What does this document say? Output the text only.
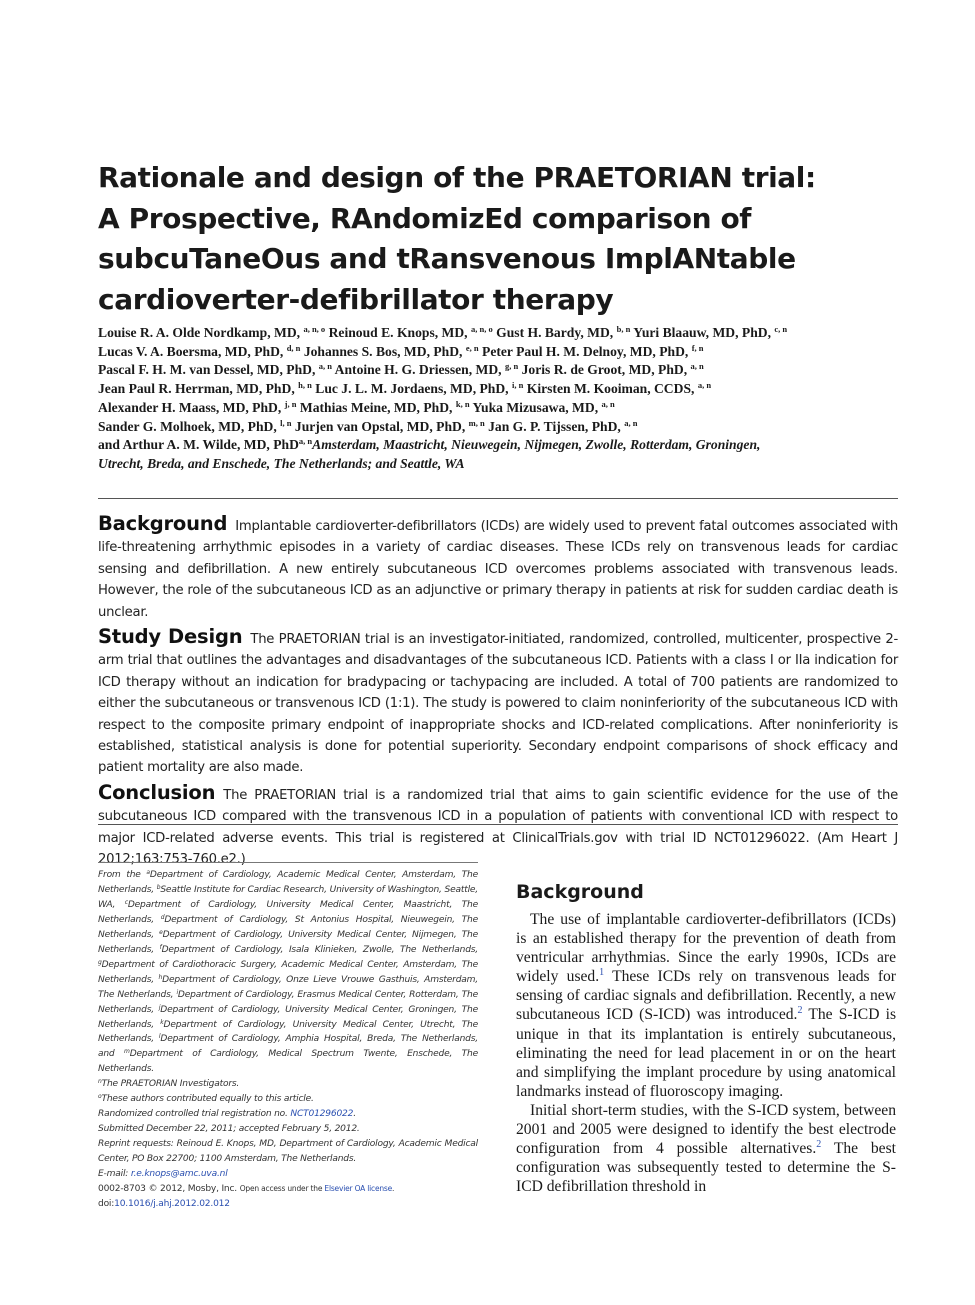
Rationale and design of the PRAETORIAN trial:
A Prospective, RAndomizEd comparison of
subcuTaneOus and tRansvenous ImplANtable
cardioverter-defibrillator therapy
Louise R. A. Olde Nordkamp, MD, $^{a, n, o}$ Reinoud E. Knops, MD, $^{a, n, o}$ Gust H. Bardy, MD, $^{b, n}$ Yuri Blaauw, MD, PhD, $^{c, n}$
Lucas V. A. Boersma, MD, PhD, $^{d, n}$ Johannes S. Bos, MD, PhD, $^{e, n}$ Peter Paul H. M. Delnoy, MD, PhD, $^{f, n}$
Pascal F. H. M. van Dessel, MD, PhD, $^{a, n}$ Antoine H. G. Driessen, MD, $^{g, n}$ Joris R. de Groot, MD, PhD, $^{a, n}$
Jean Paul R. Herrman, MD, PhD, $^{h, n}$ Luc J. L. M. Jordaens, MD, PhD, $^{i, n}$ Kirsten M. Kooiman, CCDS, $^{a, n}$
Alexander H. Maass, MD, PhD, $^{j, n}$ Mathias Meine, MD, PhD, $^{k, n}$ Yuka Mizusawa, MD, $^{a, n}$
Sander G. Molhoek, MD, PhD, $^{l, n}$ Jurjen van Opstal, MD, PhD, $^{m, n}$ Jan G. P. Tijssen, PhD, $^{a, n}$
and Arthur A. M. Wilde, MD, PhD$^{a, n}$Amsterdam, Maastricht, Nieuwegein, Nijmegen, Zwolle, Rotterdam, Groningen,
Utrecht, Breda, and Enschede, The Netherlands; and Seattle, WA

Background Implantable cardioverter-defibrillators (ICDs) are widely used to prevent fatal outcomes associated with life-threatening arrhythmic episodes in a variety of cardiac diseases. These ICDs rely on transvenous leads for cardiac sensing and defibrillation. A new entirely subcutaneous ICD overcomes problems associated with transvenous leads. However, the role of the subcutaneous ICD as an adjunctive or primary therapy in patients at risk for sudden cardiac death is unclear.

Study Design The PRAETORIAN trial is an investigator-initiated, randomized, controlled, multicenter, prospective 2-arm trial that outlines the advantages and disadvantages of the subcutaneous ICD. Patients with a class I or IIa indication for ICD therapy without an indication for bradypacing or tachypacing are included. A total of 700 patients are randomized to either the subcutaneous or transvenous ICD (1:1). The study is powered to claim noninferiority of the subcutaneous ICD with respect to the composite primary endpoint of inappropriate shocks and ICD-related complications. After noninferiority is established, statistical analysis is done for potential superiority. Secondary endpoint comparisons of shock efficacy and patient mortality are also made.

Conclusion The PRAETORIAN trial is a randomized trial that aims to gain scientific evidence for the use of the subcutaneous ICD compared with the transvenous ICD in a population of patients with conventional ICD with respect to major ICD-related adverse events. This trial is registered at ClinicalTrials.gov with trial ID NCT01296022. (Am Heart J 2012;163:753-760.e2.)

From the $^a$Department of Cardiology, Academic Medical Center, Amsterdam, The Netherlands, $^b$Seattle Institute for Cardiac Research, University of Washington, Seattle, WA, $^c$Department of Cardiology, University Medical Center, Maastricht, The Netherlands, $^d$Department of Cardiology, St Antonius Hospital, Nieuwegein, The Netherlands, $^e$Department of Cardiology, University Medical Center, Nijmegen, The Netherlands, $^f$Department of Cardiology, Isala Klinieken, Zwolle, The Netherlands, $^g$Department of Cardiothoracic Surgery, Academic Medical Center, Amsterdam, The Netherlands, $^h$Department of Cardiology, Onze Lieve Vrouwe Gasthuis, Amsterdam, The Netherlands, $^i$Department of Cardiology, Erasmus Medical Center, Rotterdam, The Netherlands, $^j$Department of Cardiology, University Medical Center, Groningen, The Netherlands, $^k$Department of Cardiology, University Medical Center, Utrecht, The Netherlands, $^l$Department of Cardiology, Amphia Hospital, Breda, The Netherlands, and $^m$Department of Cardiology, Medical Spectrum Twente, Enschede, The Netherlands.

$^n$The PRAETORIAN Investigators.

$^o$These authors contributed equally to this article.

Randomized controlled trial registration no. NCT01296022.

Submitted December 22, 2011; accepted February 5, 2012.

Reprint requests: Reinoud E. Knops, MD, Department of Cardiology, Academic Medical Center, PO Box 22700; 1100 Amsterdam, The Netherlands.

E-mail: r.e.knops@amc.uva.nl

0002-8703 © 2012, Mosby, Inc. Open access under the Elsevier OA license.

doi:10.1016/j.ahj.2012.02.012

Background

The use of implantable cardioverter-defibrillators (ICDs) is an established therapy for the prevention of death from ventricular arrhythmias. Since the early 1990s, ICDs are widely used.$^1$ These ICDs rely on transvenous leads for sensing of cardiac signals and defibrillation. Recently, a new subcutaneous ICD (S-ICD) was introduced.$^2$ The S-ICD is unique in that its implantation is entirely subcutaneous, eliminating the need for lead placement in or on the heart and simplifying the implant procedure by using anatomical landmarks instead of fluoroscopy imaging.

Initial short-term studies, with the S-ICD system, between 2001 and 2005 were designed to identify the best electrode configuration from 4 possible alternatives.$^2$ The best configuration was subsequently tested to determine the S-ICD defibrillation threshold in
